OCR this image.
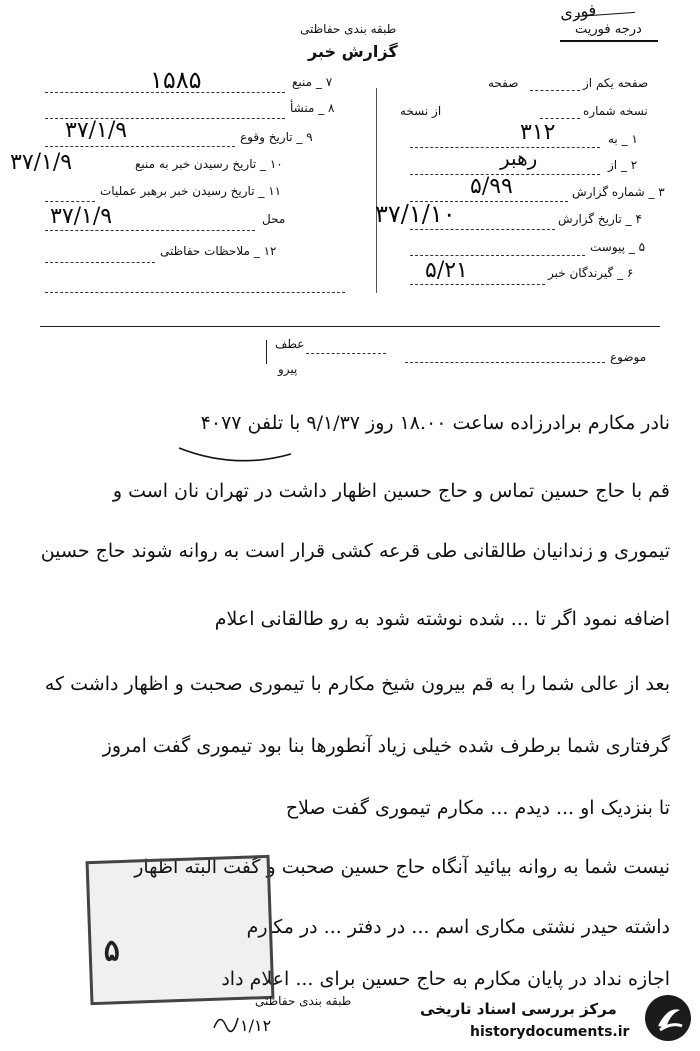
فوری
درجه فوریت
طبقه بندی حفاظتی
گزارش خبر
۷ _ منبع
۱۵۸۵
۸ _ منشأ
۹ _ تاریخ وقوع
۳۷/۱/۹
۱۰ _ تاریخ رسیدن خبر به منبع
۳۷/۱/۹
۱۱ _ تاریخ رسیدن خبر برهبر عملیات
محل
۳۷/۱/۹
۱۲ _ ملاحظات حفاظتی
صفحه یکم از
صفحه
نسخه شماره
از نسخه
۱ _ به
۳۱۲
۲ _ از
رهبر
۳ _ شماره گزارش
۵/۹۹
۴ _ تاریخ گزارش
۳۷/۱/۱۰
۵ _ پیوست
۶ _ گیرندگان خبر
۵/۲۱
عطف
پیرو
موضوع
نادر مکارم برادرزاده ساعت ۱۸.۰۰ روز ۹/۱/۳۷ با تلفن ۴۰۷۷
قم با حاج حسین تماس و حاج حسین اظهار داشت در تهران نان است و
تیموری و زندانیان طالقانی طی قرعه کشی قرار است به روانه شوند حاج حسین
اضافه نمود اگر تا ... شده نوشته شود به رو طالقانی اعلام
بعد از عالی شما را به قم بیرون شیخ مکارم با تیموری صحبت و اظهار داشت که
گرفتاری شما برطرف شده خیلی زیاد آنطورها بنا بود تیموری گفت امروز
تا بنزدیک او ... دیدم ... مکارم تیموری گفت صلاح
نیست شما به روانه بیائید آنگاه حاج حسین صحبت و گفت البته اظهار
داشته حیدر نشتی مکاری اسم ... در دفتر ... در مکارم
اجازه نداد در پایان مکارم به حاج حسین برای ... اعلام داد
۵
طبقه بندی حفاظتی
۱/۱۲
مرکز بررسی اسناد تاریخی
historydocuments.ir
